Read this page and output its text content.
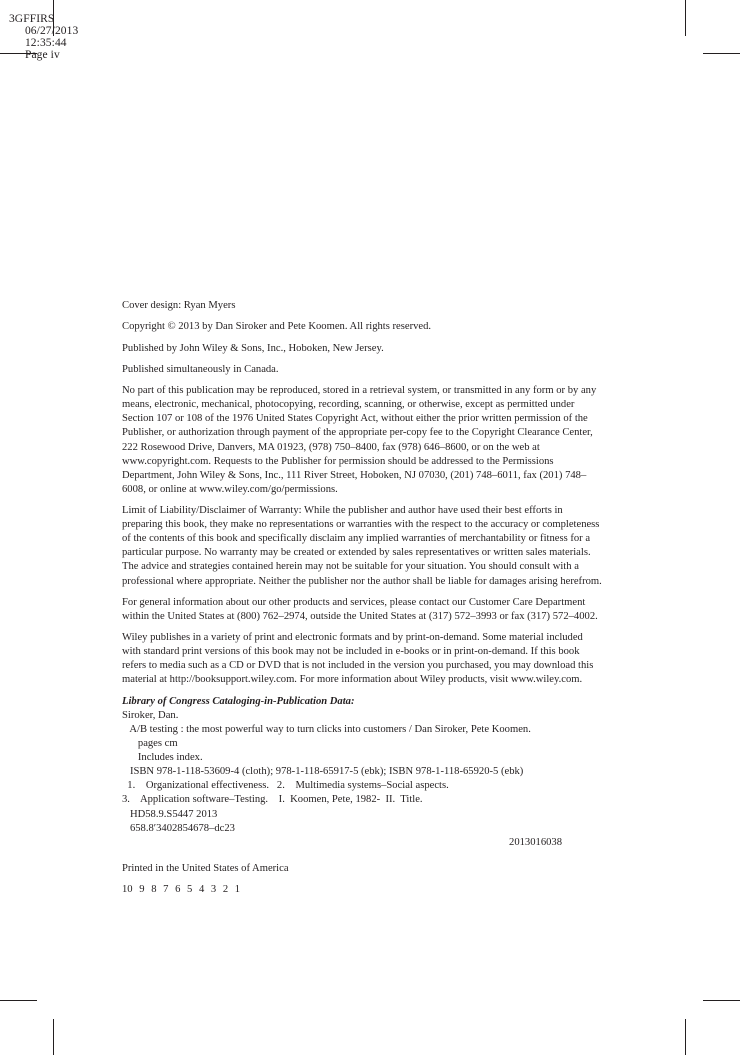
3GFFIRS
06/27/2013
12:35:44
Page iv

Cover design: Ryan Myers

Copyright © 2013 by Dan Siroker and Pete Koomen. All rights reserved.

Published by John Wiley & Sons, Inc., Hoboken, New Jersey.

Published simultaneously in Canada.

No part of this publication may be reproduced, stored in a retrieval system, or transmitted in any form or by any means, electronic, mechanical, photocopying, recording, scanning, or otherwise, except as permitted under Section 107 or 108 of the 1976 United States Copyright Act, without either the prior written permission of the Publisher, or authorization through payment of the appropriate per-copy fee to the Copyright Clearance Center, 222 Rosewood Drive, Danvers, MA 01923, (978) 750–8400, fax (978) 646–8600, or on the web at www.copyright.com. Requests to the Publisher for permission should be addressed to the Permissions Department, John Wiley & Sons, Inc., 111 River Street, Hoboken, NJ 07030, (201) 748–6011, fax (201) 748–6008, or online at www.wiley.com/go/permissions.

Limit of Liability/Disclaimer of Warranty: While the publisher and author have used their best efforts in preparing this book, they make no representations or warranties with the respect to the accuracy or completeness of the contents of this book and specifically disclaim any implied warranties of merchantability or fitness for a particular purpose. No warranty may be created or extended by sales representatives or written sales materials. The advice and strategies contained herein may not be suitable for your situation. You should consult with a professional where appropriate. Neither the publisher nor the author shall be liable for damages arising herefrom.

For general information about our other products and services, please contact our Customer Care Department within the United States at (800) 762–2974, outside the United States at (317) 572–3993 or fax (317) 572–4002.

Wiley publishes in a variety of print and electronic formats and by print-on-demand. Some material included with standard print versions of this book may not be included in e-books or in print-on-demand. If this book refers to media such as a CD or DVD that is not included in the version you purchased, you may download this material at http://booksupport.wiley.com. For more information about Wiley products, visit www.wiley.com.

Library of Congress Cataloging-in-Publication Data:
Siroker, Dan.
A/B testing : the most powerful way to turn clicks into customers / Dan Siroker, Pete Koomen.
pages cm
Includes index.
ISBN 978-1-118-53609-4 (cloth); 978-1-118-65917-5 (ebk); ISBN 978-1-118-65920-5 (ebk)
1.    Organizational effectiveness.   2.    Multimedia systems–Social aspects.
3.    Application software–Testing.    I.  Koomen, Pete, 1982-  II.  Title.
HD58.9.S5447 2013
658.8′3402854678–dc23
2013016038

Printed in the United States of America

10 9 8 7 6 5 4 3 2 1
